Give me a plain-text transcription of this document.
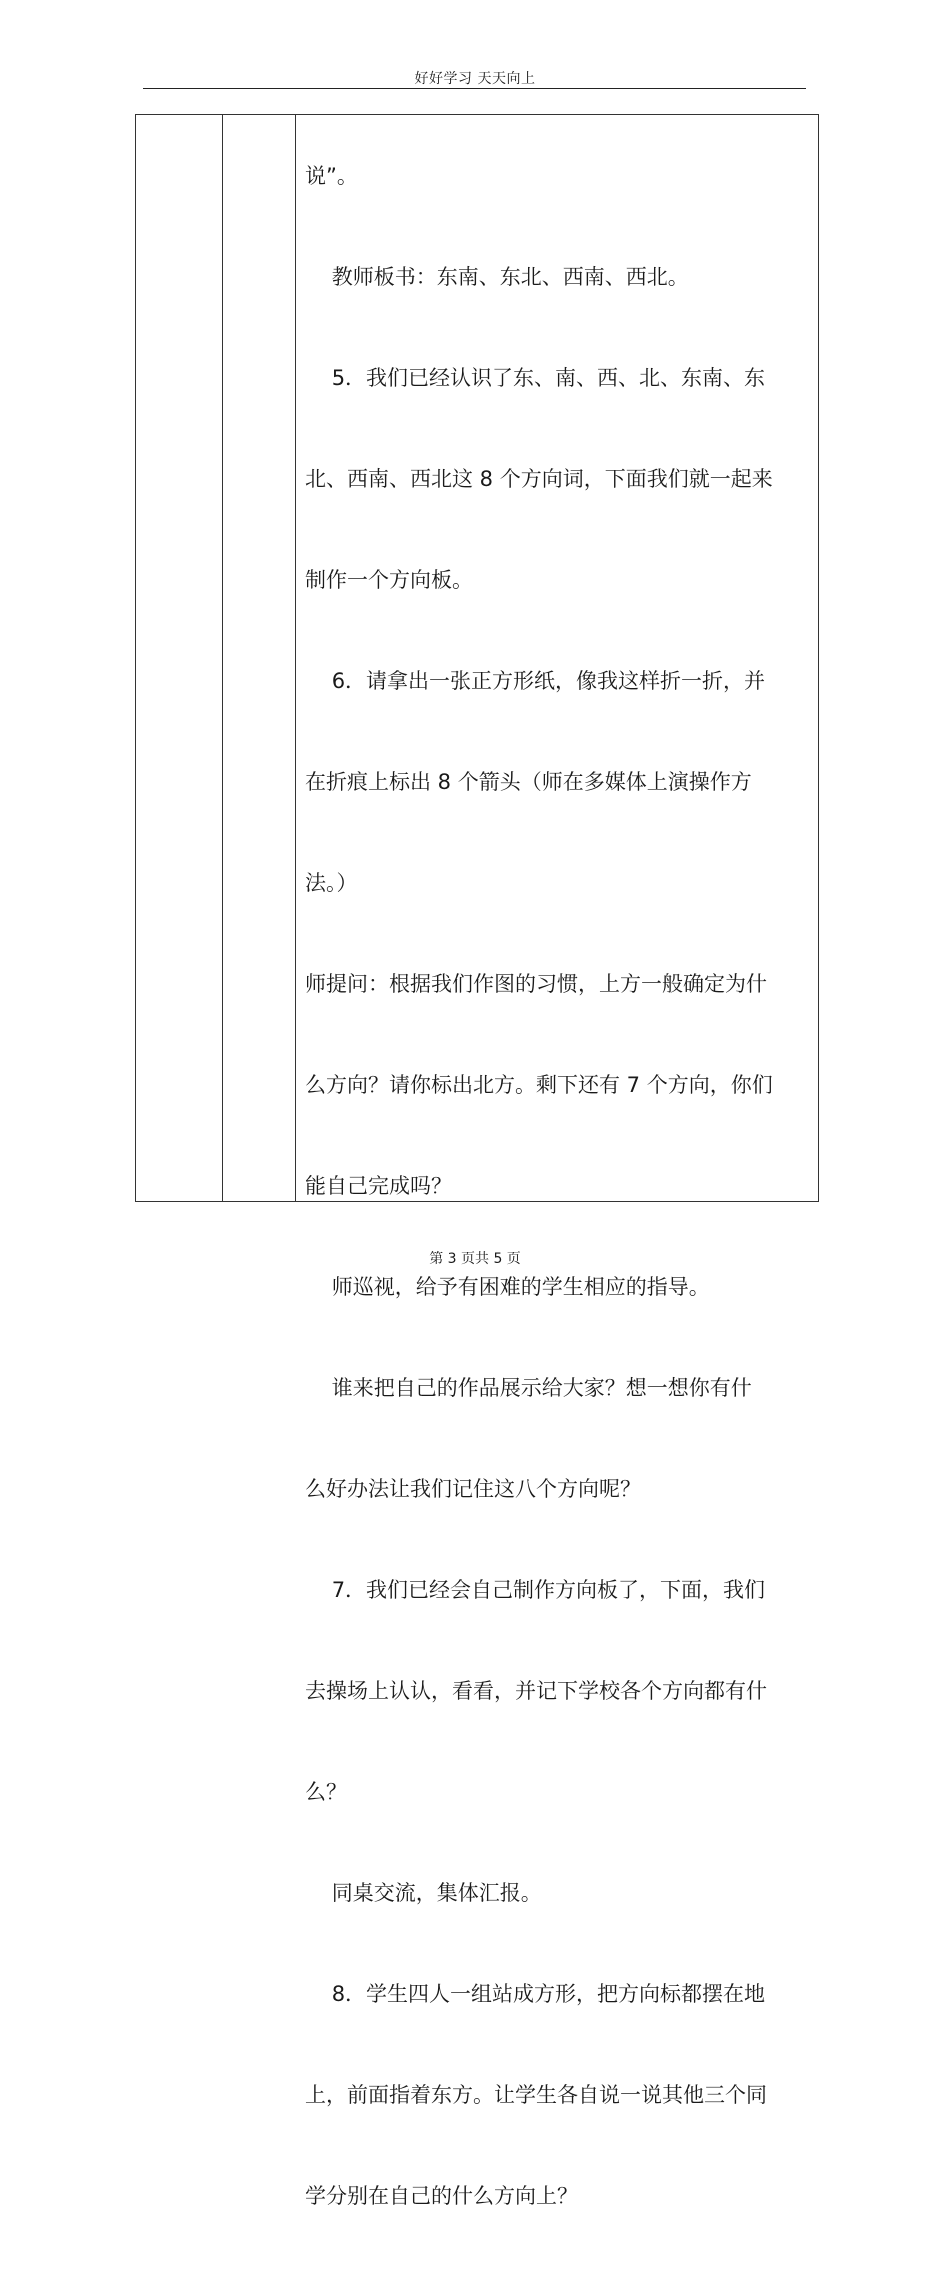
好好学习 天天向上

说”。

教师板书：东南、东北、西南、西北。

5．我们已经认识了东、南、西、北、东南、东

北、西南、西北这 8 个方向词，下面我们就一起来

制作一个方向板。

6．请拿出一张正方形纸，像我这样折一折，并

在折痕上标出 8 个箭头（师在多媒体上演操作方

法。）

师提问：根据我们作图的习惯，上方一般确定为什

么方向？请你标出北方。剩下还有 7 个方向，你们

能自己完成吗？

师巡视，给予有困难的学生相应的指导。

谁来把自己的作品展示给大家？想一想你有什

么好办法让我们记住这八个方向呢？

7．我们已经会自己制作方向板了，下面，我们

去操场上认认，看看，并记下学校各个方向都有什

么？

同桌交流，集体汇报。

8．学生四人一组站成方形，把方向标都摆在地

上，前面指着东方。让学生各自说一说其他三个同

学分别在自己的什么方向上？

第 3 页共 5 页
